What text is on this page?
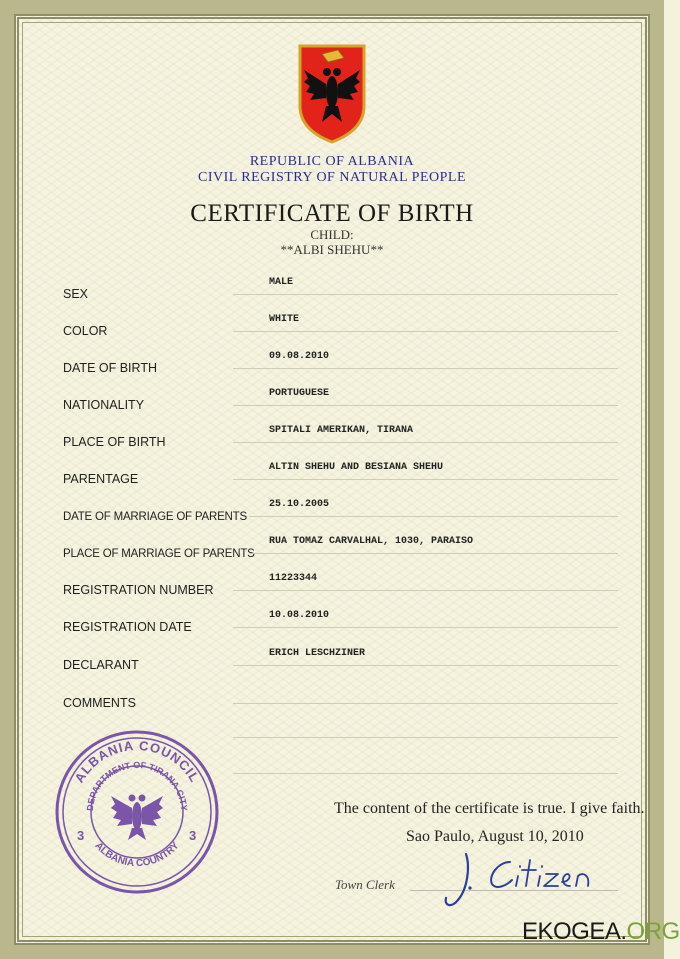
REPUBLIC OF ALBANIA
CIVIL REGISTRY OF NATURAL PEOPLE
CERTIFICATE OF BIRTH
CHILD:
**ALBI SHEHU**
SEX
MALE
COLOR
WHITE
DATE OF BIRTH
09.08.2010
NATIONALITY
PORTUGUESE
PLACE OF BIRTH
SPITALI AMERIKAN, TIRANA
PARENTAGE
ALTIN SHEHU AND BESIANA SHEHU
DATE OF MARRIAGE OF PARENTS
25.10.2005
PLACE OF MARRIAGE OF PARENTS
RUA TOMAZ CARVALHAL, 1030, PARAISO
REGISTRATION NUMBER
11223344
REGISTRATION DATE
10.08.2010
DECLARANT
ERICH LESCHZINER
COMMENTS
ALBANIA COUNCIL
DEPARTMENT OF TIRANA CITY
ALBANIA COUNTRY
3	3
The content of the certificate is true. I give faith.
Sao Paulo, August 10, 2010
Town Clerk
EKOGEA.ORG
